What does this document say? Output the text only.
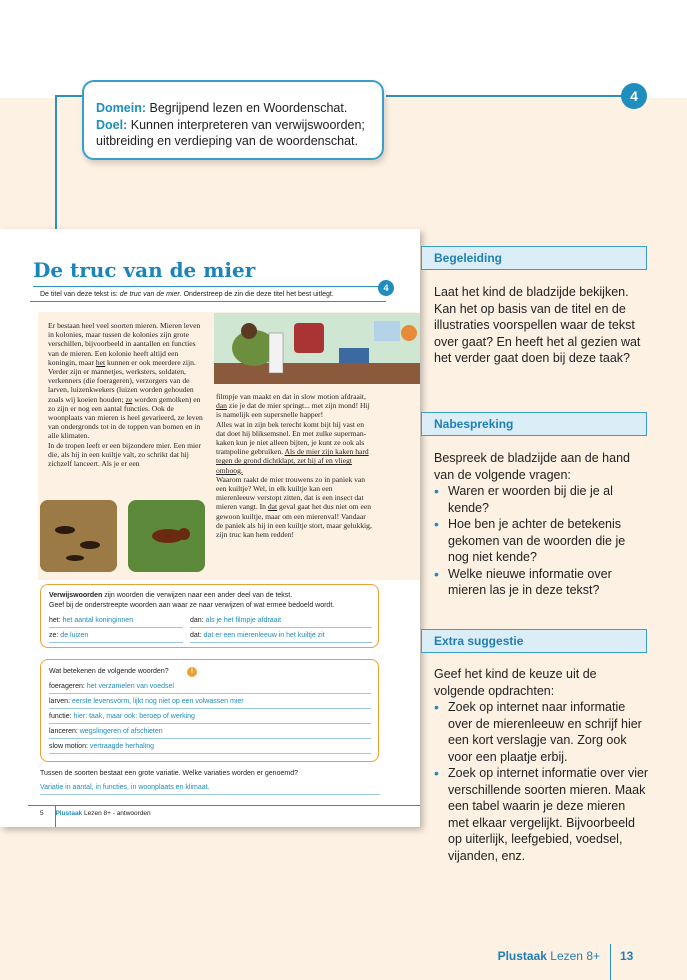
Domein: Begrijpend lezen en Woordenschat.
Doel: Kunnen interpreteren van verwijswoorden; uitbreiding en verdieping van de woordenschat.
4
De truc van de mier
De titel van deze tekst is: de truc van de mier. Onderstreep de zin die deze titel het best uitlegt.
4

Er bestaan heel veel soorten mieren. Mieren leven in kolonies, maar tussen de kolonies zijn grote verschillen, bijvoorbeeld in aantallen en functies van de mieren. Een kolonie heeft altijd een koningin, maar het kunnen er ook meerdere zijn. Verder zijn er mannetjes, werksters, soldaten, verkenners (die foeragеren), verzorgers van de larven, luizenkwekers (luizen worden gehouden zoals wij koeien houden; ze worden gemolken) en zo zijn er nog een aantal functies. Ook de woonplaats van mieren is heel gevarieerd, ze leven van ondergronds tot in de toppen van bomen en in alle klimaten.

In de tropen leeft er een bijzondere mier. Een mier die, als hij in een kuiltje valt, zo schrikt dat hij zichzelf lanceert. Als je er een

filmpje van maakt en dat in slow motion afdraait, dan zie je dat de mier springt... met zijn mond! Hij is namelijk een supersnelle happer!

Alles wat in zijn bek terecht komt bijt hij vast en dat doet hij bliksemsnel. En met zulke superman-kaken kun je niet alleen bijten, je kunt ze ook als trampoline gebruiken. Als de mier zijn kaken hard tegen de grond dichtklapt, zet hij af en vliegt omhoog.

Waarom raakt de mier trouwens zo in paniek van een kuiltje? Wel, in elk kuiltje kan een mierenleeuw verstopt zitten, dat is een insect dat mieren vangt. In dat geval gaat het dus niet om een gewoon kuiltje, maar om een mierenval! Vandaar de paniek als hij in een kuiltje stort, maar gelukkig, zijn truc kan hem redden!

Verwijswoorden zijn woorden die verwijzen naar een ander deel van de tekst.
Geef bij de onderstreepte woorden aan waar ze naar verwijzen of wat ermee bedoeld wordt.
het: het aantal koninginnen	dan: als je het filmpje afdraait
ze: de luizen	dat: dat er een mierenleeuw in het kuiltje zit
Wat betekenen de volgende woorden?	i
foerageren: het verzamelen van voedsel
larven: eerste levensvorm, lijkt nog niet op een volwassen mier
functie: hier: taak, maar ook: beroep of werking
lanceren: wegslingeren of afschieten
slow motion: vertraagde herhaling
Tussen de soorten bestaat een grote variatie. Welke variaties worden er genoemd?
Variatie in aantal, in functies, in woonplaats en klimaat.
5 Plustaak Lezen 8+ - antwoorden
Begeleiding

Laat het kind de bladzijde bekijken. Kan het op basis van de titel en de illustraties voorspellen waar de tekst over gaat? En heeft het al gezien wat het verder gaat doen bij deze taak?

Nabespreking

Bespreek de bladzijde aan de hand van de volgende vragen:

• Waren er woorden bij die je al kende?
• Hoe ben je achter de betekenis gekomen van de woorden die je nog niet kende?
• Welke nieuwe informatie over mieren las je in deze tekst?
Extra suggestie

Geef het kind de keuze uit de volgende opdrachten:

• Zoek op internet naar informatie over de mierenleeuw en schrijf hier een kort verslagje van. Zorg ook voor een plaatje erbij.
• Zoek op internet informatie over vier verschillende soorten mieren. Maak een tabel waarin je deze mieren met elkaar vergelijkt. Bijvoorbeeld op uiterlijk, leefgebied, voedsel, vijanden, enz.
Plustaak Lezen 8+ 13
